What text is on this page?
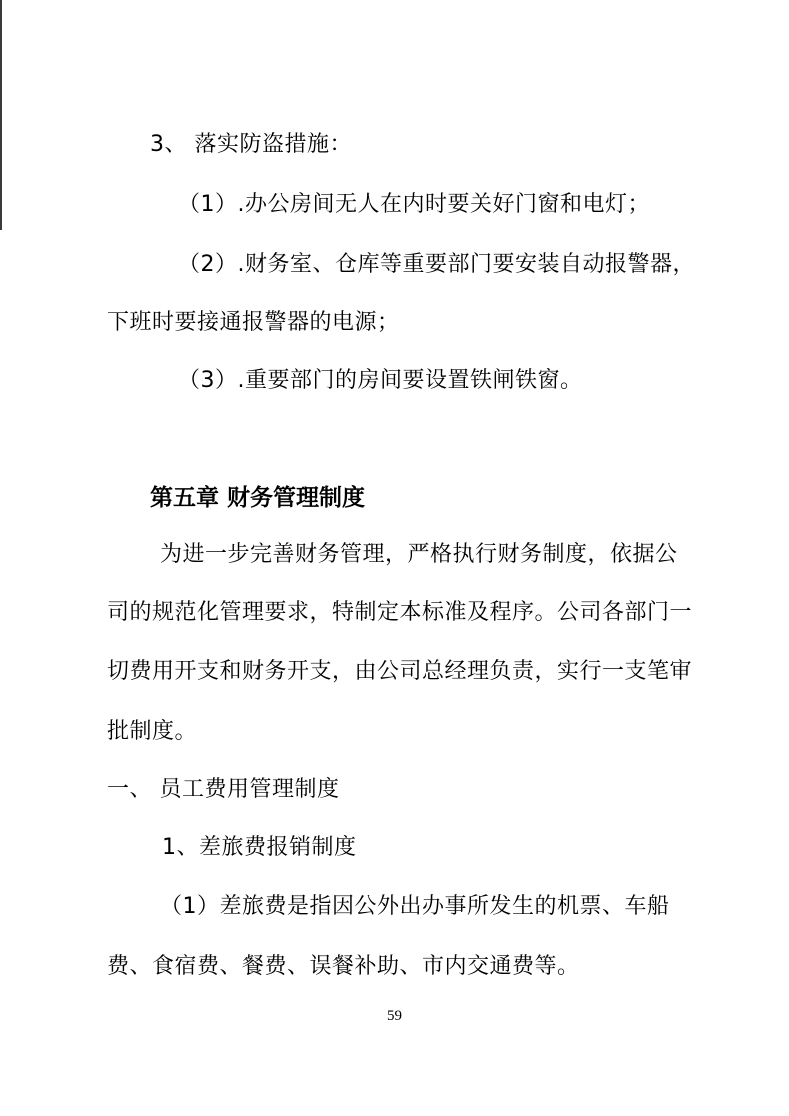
3、 落实防盗措施：
（1）.办公房间无人在内时要关好门窗和电灯；
（2）.财务室、仓库等重要部门要安装自动报警器，
下班时要接通报警器的电源；
（3）.重要部门的房间要设置铁闸铁窗。
第五章 财务管理制度
为进一步完善财务管理，严格执行财务制度，依据公
司的规范化管理要求，特制定本标准及程序。公司各部门一
切费用开支和财务开支，由公司总经理负责，实行一支笔审
批制度。
一、 员工费用管理制度
1、差旅费报销制度
（1）差旅费是指因公外出办事所发生的机票、车船
费、食宿费、餐费、误餐补助、市内交通费等。
59
